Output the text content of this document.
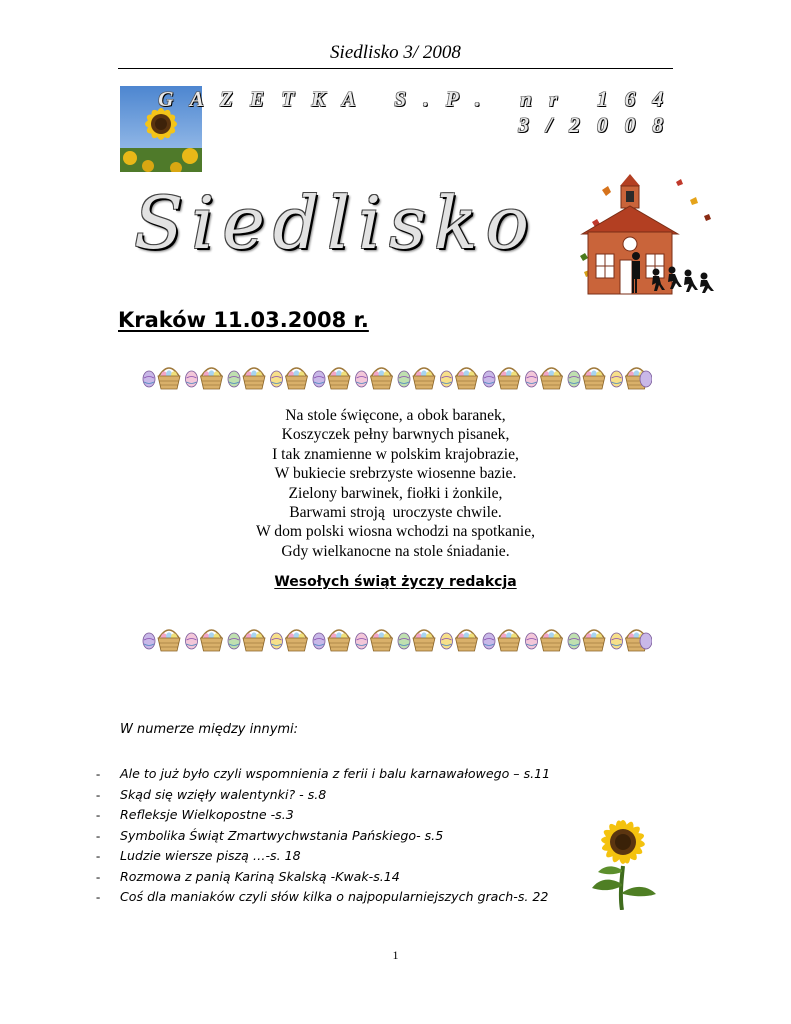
Siedlisko 3/ 2008
G A Z E T K A   S . P .   n r   1 6 4
3 / 2 0 0 8
Siedlisko
Kraków 11.03.2008 r.
Na stole święcone, a obok baranek,
Koszyczek pełny barwnych pisanek,
I tak znamienne w polskim krajobrazie,
W bukiecie srebrzyste wiosenne bazie.
Zielony barwinek, fiołki i żonkile,
Barwami stroją  uroczyste chwile.
W dom polski wiosna wchodzi na spotkanie,
Gdy wielkanocne na stole śniadanie.
Wesołych świąt życzy redakcja
W numerze między innymi:
- Ale to już było czyli wspomnienia z ferii i balu karnawałowego – s.11
- Skąd się wzięły walentynki? - s.8
- Refleksje Wielkopostne -s.3
- Symbolika Świąt Zmartwychwstania Pańskiego- s.5
- Ludzie wiersze piszą …-s. 18
- Rozmowa z panią Kariną Skalską -Kwak-s.14
- Coś dla maniaków czyli słów kilka o najpopularniejszych grach-s. 22
1
